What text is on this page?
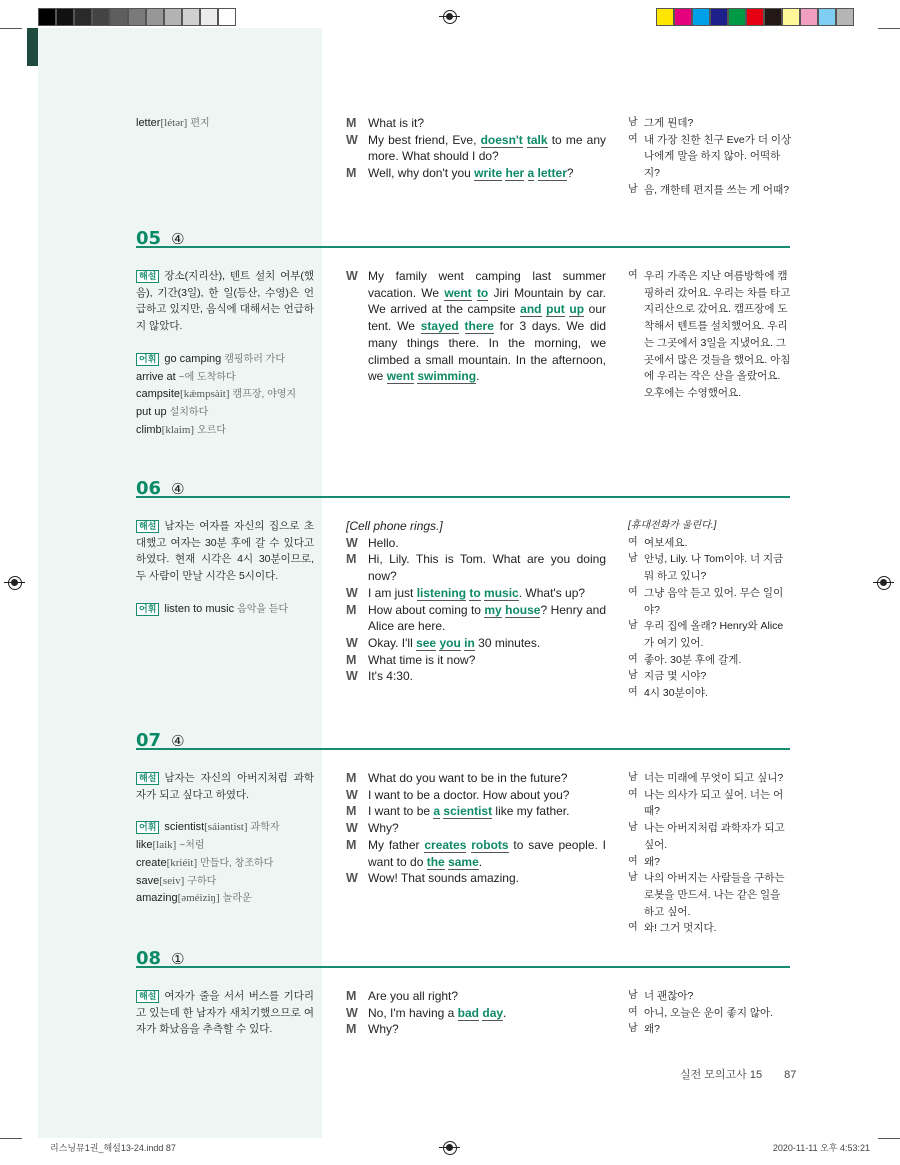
letter[létər] 편지	M What is it?
W My best friend, Eve, doesn't talk to me any more. What should I do?
M Well, why don't you write her a letter?
남 그게 뭔데?
여 내 가장 친한 친구 Eve가 더 이상 나에게 말을 하지 않아. 어떡하지?
남 음, 걔한테 편지를 쓰는 게 어때?
05 ④
해설 장소(지리산), 텐트 설치 여부(했음), 기간(3일), 한 일(등산, 수영)은 언급하고 있지만, 음식에 대해서는 언급하지 않았다.
어휘 go camping 캠핑하러 가다
arrive at ~에 도착하다
campsite[kǽmpsàit] 캠프장, 야영지
put up 설치하다
climb[klaim] 오르다
W My family went camping last summer vacation. We went to Jiri Mountain by car. We arrived at the campsite and put up our tent. We stayed there for 3 days. We did many things there. In the morning, we climbed a small mountain. In the afternoon, we went swimming.
여 우리 가족은 지난 여름방학에 캠핑하러 갔어요. 우리는 차를 타고 지리산으로 갔어요. 캠프장에 도착해서 텐트를 설치했어요. 우리는 그곳에서 3일을 지냈어요. 그곳에서 많은 것들을 했어요. 아침에 우리는 작은 산을 올랐어요. 오후에는 수영했어요.
06 ④
해설 남자는 여자를 자신의 집으로 초대했고 여자는 30분 후에 갈 수 있다고 하였다. 현재 시각은 4시 30분이므로, 두 사람이 만날 시각은 5시이다.
어휘 listen to music 음악을 듣다
[Cell phone rings.]
W Hello.
M Hi, Lily. This is Tom. What are you doing now?
W I am just listening to music. What's up?
M How about coming to my house? Henry and Alice are here.
W Okay. I'll see you in 30 minutes.
M What time is it now?
W It's 4:30.
[휴대전화가 울린다.]
여 여보세요.
남 안녕, Lily. 나 Tom이야. 너 지금 뭐 하고 있니?
여 그냥 음악 듣고 있어. 무슨 일이야?
남 우리 집에 올래? Henry와 Alice가 여기 있어.
여 좋아. 30분 후에 갈게.
남 지금 몇 시야?
여 4시 30분이야.
07 ④
해설 남자는 자신의 아버지처럼 과학자가 되고 싶다고 하였다.
어휘 scientist[sáiəntist] 과학자
like[laik] ~처럼
create[kriéit] 만들다, 창조하다
save[seiv] 구하다
amazing[əméiziŋ] 놀라운
M What do you want to be in the future?
W I want to be a doctor. How about you?
M I want to be a scientist like my father.
W Why?
M My father creates robots to save people. I want to do the same.
W Wow! That sounds amazing.
남 너는 미래에 무엇이 되고 싶니?
여 나는 의사가 되고 싶어. 너는 어때?
남 나는 아버지처럼 과학자가 되고 싶어.
여 왜?
남 나의 아버지는 사람들을 구하는 로봇을 만드셔. 나는 같은 일을 하고 싶어.
여 와! 그거 멋지다.
08 ①
해설 여자가 줄을 서서 버스를 기다리고 있는데 한 남자가 새치기했으므로 여자가 화났음을 추측할 수 있다.
M Are you all right?
W No, I'm having a bad day.
M Why?
남 너 괜찮아?
여 아니, 오늘은 운이 좋지 않아.
남 왜?
실전 모의고사 15 87
리스닝뮤1권_해설13-24.indd 87	2020-11-11 오후 4:53:21
